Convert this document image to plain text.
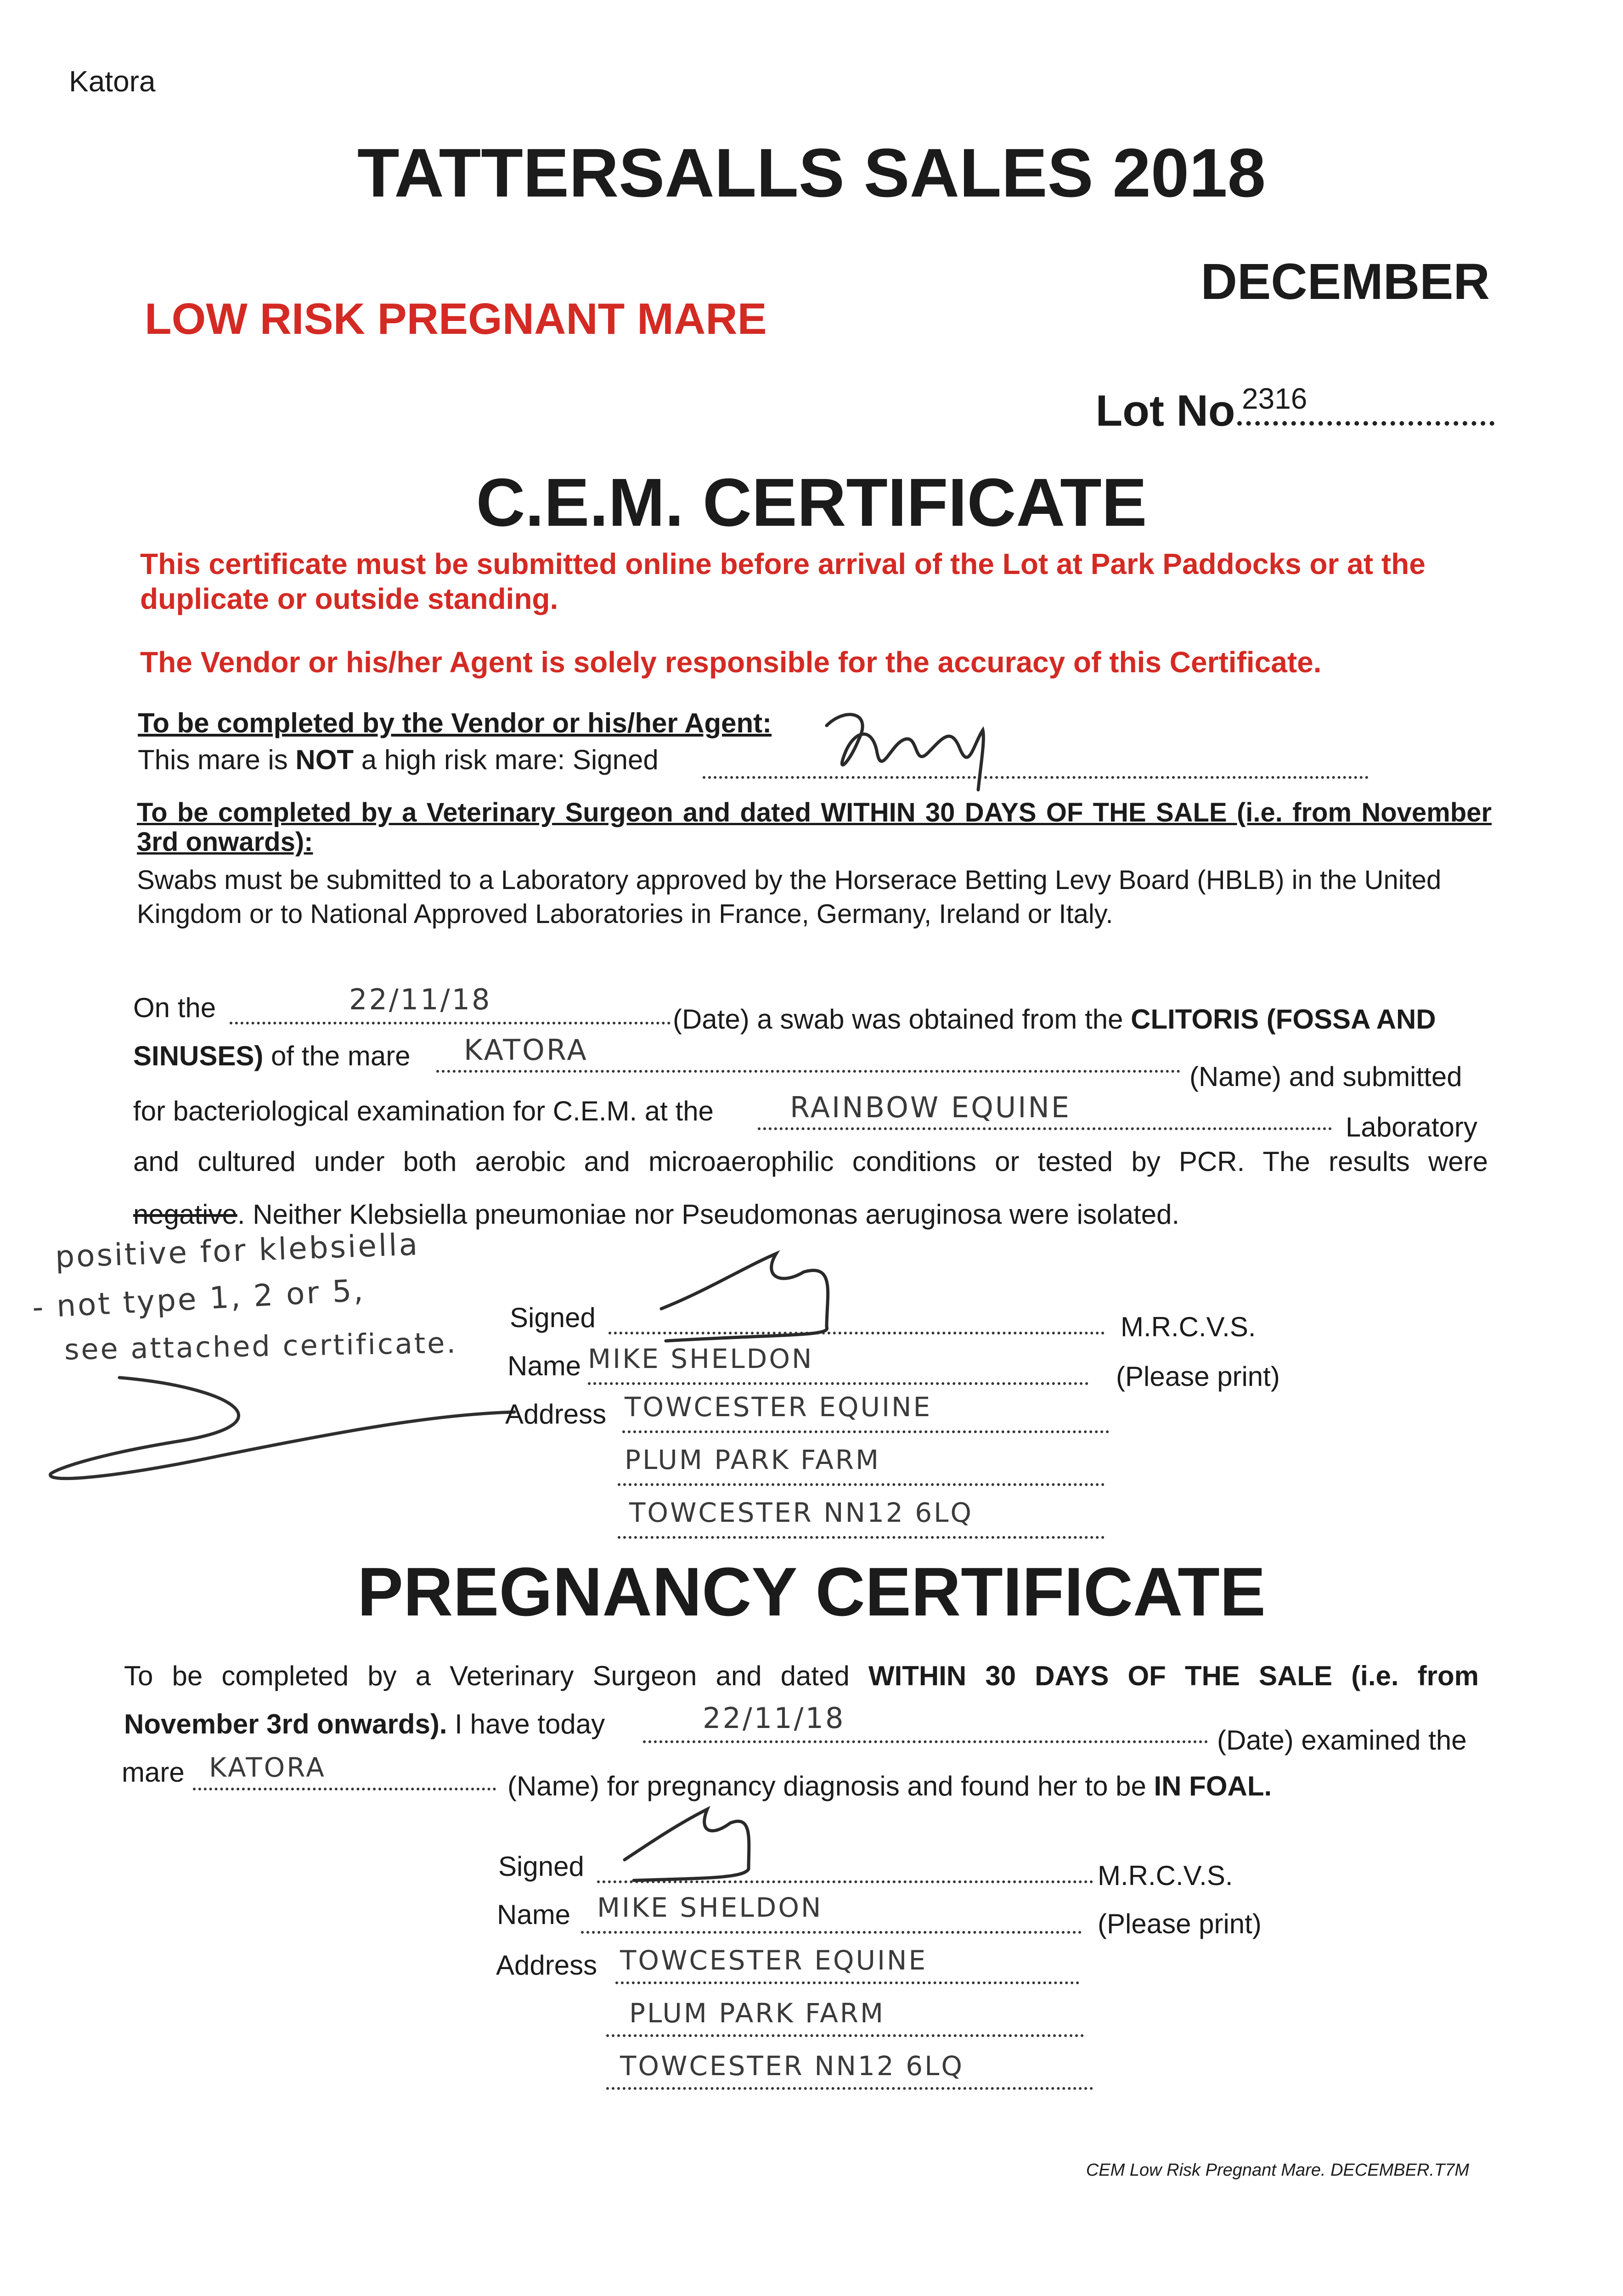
Katora
TATTERSALLS SALES 2018
DECEMBER
LOW RISK PREGNANT MARE
Lot No 2316
C.E.M. CERTIFICATE
This certificate must be submitted online before arrival of the Lot at Park Paddocks or at the duplicate or outside standing.
The Vendor or his/her Agent is solely responsible for the accuracy of this Certificate.
To be completed by the Vendor or his/her Agent:
This mare is NOT a high risk mare: Signed
To be completed by a Veterinary Surgeon and dated WITHIN 30 DAYS OF THE SALE (i.e. from November 3rd onwards):
Swabs must be submitted to a Laboratory approved by the Horserace Betting Levy Board (HBLB) in the United Kingdom or to National Approved Laboratories in France, Germany, Ireland or Italy.
On the	22/11/18
(Date) a swab was obtained from the CLITORIS (FOSSA AND
SINUSES) of the mare KATORA
(Name) and submitted
for bacteriological examination for C.E.M. at the	RAINBOW EQUINE
Laboratory
and cultured under both aerobic and microaerophilic conditions or tested by PCR. The results were
negative. Neither Klebsiella pneumoniae nor Pseudomonas aeruginosa were isolated.
positive for klebsiella
- not type 1, 2 or 5,
see attached certificate.
Signed	M.R.C.V.S.
Name MIKE SHELDON
(Please print)
Address TOWCESTER EQUINE
PLUM PARK FARM
TOWCESTER NN12 6LQ
PREGNANCY CERTIFICATE
To be completed by a Veterinary Surgeon and dated WITHIN 30 DAYS OF THE SALE (i.e. from
November 3rd onwards). I have today	22/11/18
(Date) examined the
mare KATORA
(Name) for pregnancy diagnosis and found her to be IN FOAL.
Signed	M.R.C.V.S.
Name MIKE SHELDON
(Please print)
Address TOWCESTER EQUINE
PLUM PARK FARM
TOWCESTER NN12 6LQ
CEM Low Risk Pregnant Mare. DECEMBER.T7M
